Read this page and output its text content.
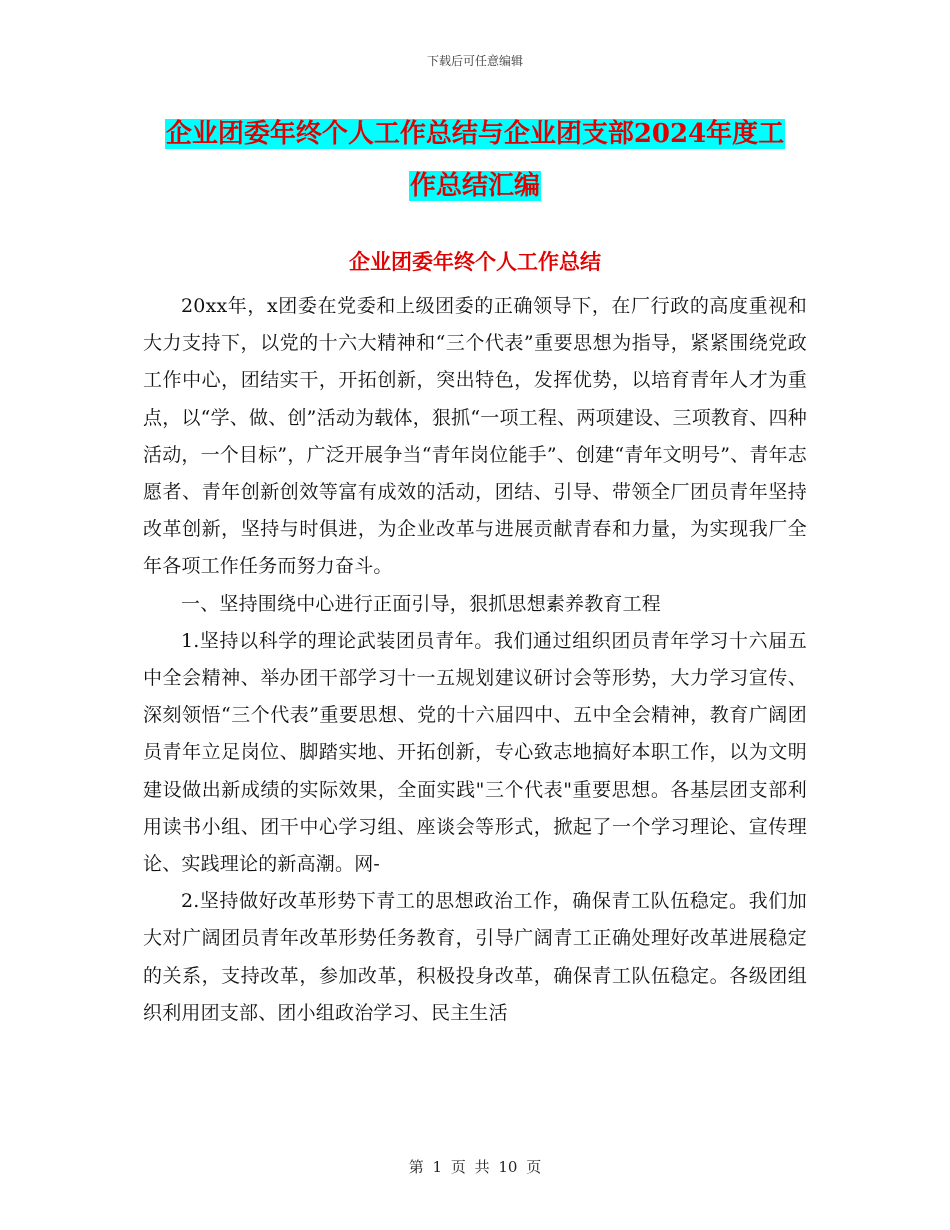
下载后可任意编辑
企业团委年终个人工作总结与企业团支部2024年度工
作总结汇编
企业团委年终个人工作总结

20xx年，x团委在党委和上级团委的正确领导下，在厂行政的高度重视和大力支持下，以党的十六大精神和“三个代表”重要思想为指导，紧紧围绕党政工作中心，团结实干，开拓创新，突出特色，发挥优势，以培育青年人才为重点，以“学、做、创”活动为载体，狠抓“一项工程、两项建设、三项教育、四种活动，一个目标”，广泛开展争当“青年岗位能手”、创建“青年文明号”、青年志愿者、青年创新创效等富有成效的活动，团结、引导、带领全厂团员青年坚持改革创新，坚持与时俱进，为企业改革与进展贡献青春和力量，为实现我厂全年各项工作任务而努力奋斗。

一、坚持围绕中心进行正面引导，狠抓思想素养教育工程

1.坚持以科学的理论武装团员青年。我们通过组织团员青年学习十六届五中全会精神、举办团干部学习十一五规划建议研讨会等形势，大力学习宣传、深刻领悟“三个代表”重要思想、党的十六届四中、五中全会精神，教育广阔团员青年立足岗位、脚踏实地、开拓创新，专心致志地搞好本职工作，以为文明建设做出新成绩的实际效果，全面实践"三个代表"重要思想。各基层团支部利用读书小组、团干中心学习组、座谈会等形式，掀起了一个学习理论、宣传理论、实践理论的新高潮。网-

2.坚持做好改革形势下青工的思想政治工作，确保青工队伍稳定。我们加大对广阔团员青年改革形势任务教育，引导广阔青工正确处理好改革进展稳定的关系，支持改革，参加改革，积极投身改革，确保青工队伍稳定。各级团组织利用团支部、团小组政治学习、民主生活

第 1 页 共 10 页
